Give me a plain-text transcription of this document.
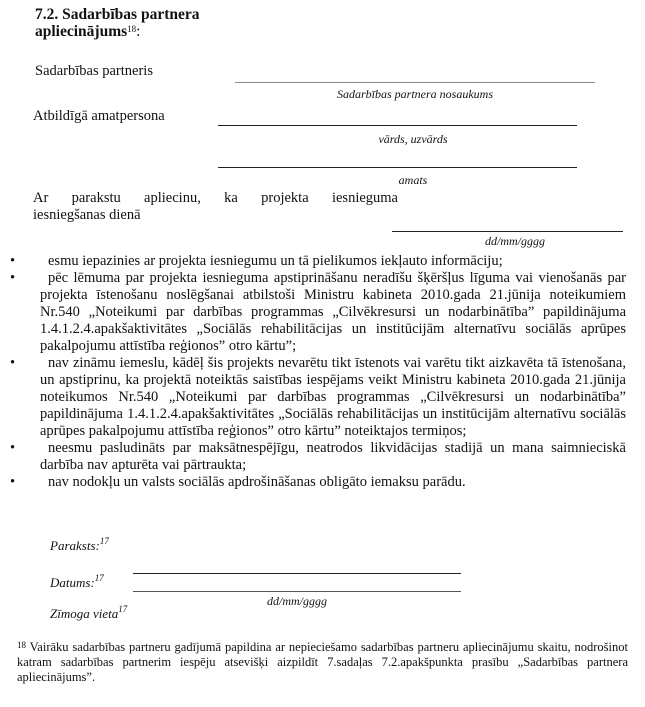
7.2. Sadarbības partnera
apliecinājums$^{18}$:
Sadarbības partneris
Sadarbības partnera nosaukums
Atbildīgā amatpersona
vārds, uzvārds
amats
Ar parakstu apliecinu, ka projekta iesnieguma
iesniegšanas dienā
dd/mm/gggg
• esmu iepazinies ar projekta iesniegumu un tā pielikumos iekļauto informāciju;
• pēc lēmuma par projekta iesnieguma apstiprināšanu neradīšu šķēršļus līguma vai vienošanās par projekta īstenošanu noslēgšanai atbilstoši Ministru kabineta 2010.gada 21.jūnija noteikumiem Nr.540 „Noteikumi par darbības programmas „Cilvēkresursi un nodarbinātība” papildinājuma 1.4.1.2.4.apakšaktivitātes „Sociālās rehabilitācijas un institūcijām alternatīvu sociālās aprūpes pakalpojumu attīstība reģionos” otro kārtu”;
• nav zināmu iemeslu, kādēļ šis projekts nevarētu tikt īstenots vai varētu tikt aizkavēta tā īstenošana, un apstiprinu, ka projektā noteiktās saistības iespējams veikt Ministru kabineta 2010.gada 21.jūnija noteikumos Nr.540 „Noteikumi par darbības programmas „Cilvēkresursi un nodarbinātība” papildinājuma 1.4.1.2.4.apakšaktivitātes „Sociālās rehabilitācijas un institūcijām alternatīvu sociālās aprūpes pakalpojumu attīstība reģionos” otro kārtu” noteiktajos termiņos;
• neesmu pasludināts par maksātnespējīgu, neatrodos likvidācijas stadijā un mana saimnieciskā darbība nav apturēta vai pārtraukta;
• nav nodokļu un valsts sociālās apdrošināšanas obligāto iemaksu parādu.
Paraksts:$^{17}$
Datums:$^{17}$
dd/mm/gggg
Zīmoga vieta$^{17}$
$^{18}$ Vairāku sadarbības partneru gadījumā papildina ar nepieciešamo sadarbības partneru apliecinājumu skaitu, nodrošinot katram sadarbības partnerim iespēju atsevišķi aizpildīt 7.sadaļas 7.2.apakšpunkta prasību „Sadarbības partnera apliecinājums”.
